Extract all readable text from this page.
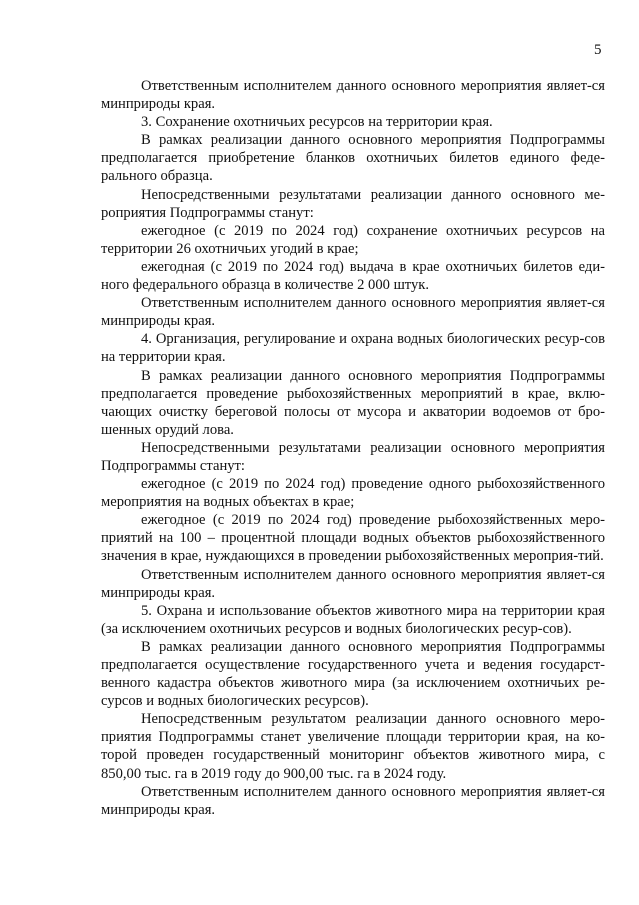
5

Ответственным исполнителем данного основного мероприятия являет-ся минприроды края.

3. Сохранение охотничьих ресурсов на территории края.

В рамках реализации данного основного мероприятия Подпрограммы предполагается приобретение бланков охотничьих билетов единого феде-рального образца.

Непосредственными результатами реализации данного основного ме-роприятия Подпрограммы станут:

ежегодное (с 2019 по 2024 год) сохранение охотничьих ресурсов на территории 26 охотничьих угодий в крае;

ежегодная (с 2019 по 2024 год) выдача в крае охотничьих билетов еди-ного федерального образца в количестве 2 000 штук.

Ответственным исполнителем данного основного мероприятия являет-ся минприроды края.

4. Организация, регулирование и охрана водных биологических ресур-сов на территории края.

В рамках реализации данного основного мероприятия Подпрограммы предполагается проведение рыбохозяйственных мероприятий в крае, вклю-чающих очистку береговой полосы от мусора и акватории водоемов от бро-шенных орудий лова.

Непосредственными результатами реализации основного мероприятия Подпрограммы станут:

ежегодное (с 2019 по 2024 год) проведение одного рыбохозяйственного мероприятия на водных объектах в крае;

ежегодное (с 2019 по 2024 год) проведение рыбохозяйственных меро-приятий на 100 – процентной площади водных объектов рыбохозяйственного значения в крае, нуждающихся в проведении рыбохозяйственных мероприя-тий.

Ответственным исполнителем данного основного мероприятия являет-ся минприроды края.

5. Охрана и использование объектов животного мира на территории края (за исключением охотничьих ресурсов и водных биологических ресур-сов).

В рамках реализации данного основного мероприятия Подпрограммы предполагается осуществление государственного учета и ведения государст-венного кадастра объектов животного мира (за исключением охотничьих ре-сурсов и водных биологических ресурсов).

Непосредственным результатом реализации данного основного меро-приятия Подпрограммы станет увеличение площади территории края, на ко-торой проведен государственный мониторинг объектов животного мира, с 850,00 тыс. га в 2019 году до 900,00 тыс. га в 2024 году.

Ответственным исполнителем данного основного мероприятия являет-ся минприроды края.
